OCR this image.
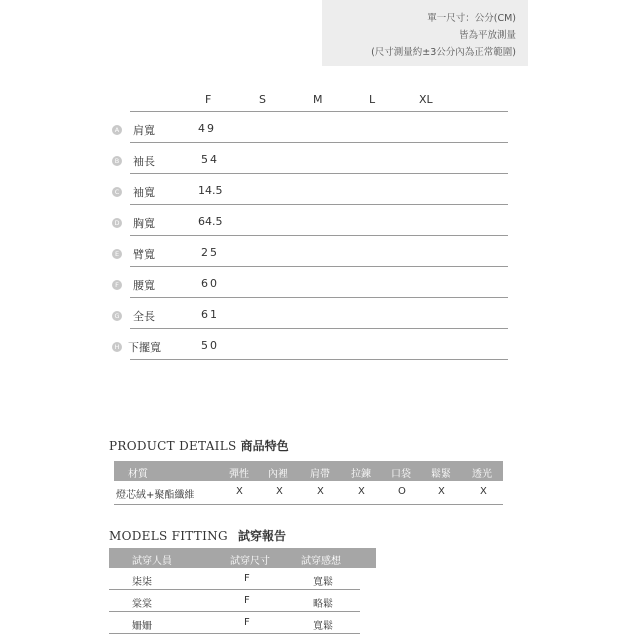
單一尺寸：公分(CM)
皆為平放測量
(尺寸測量約±3公分內為正常範圍)
F	S	M	L	XL
A 肩寬	49
B 袖長	54
C 袖寬	14.5
D 胸寬	64.5
E 臂寬	25
F 腰寬	60
G 全長	61
H 下擺寬	50
PRODUCT DETAILS 商品特色
材質	彈性 內裡 肩帶 拉鍊 口袋 鬆緊 透光
燈芯絨+聚酯纖維	X	X	X	X	O	X	X
MODELS FITTING 試穿報告
試穿人員	試穿尺寸	試穿感想
柒柒	F	寬鬆
棠棠	F	略鬆
姍姍	F	寬鬆
